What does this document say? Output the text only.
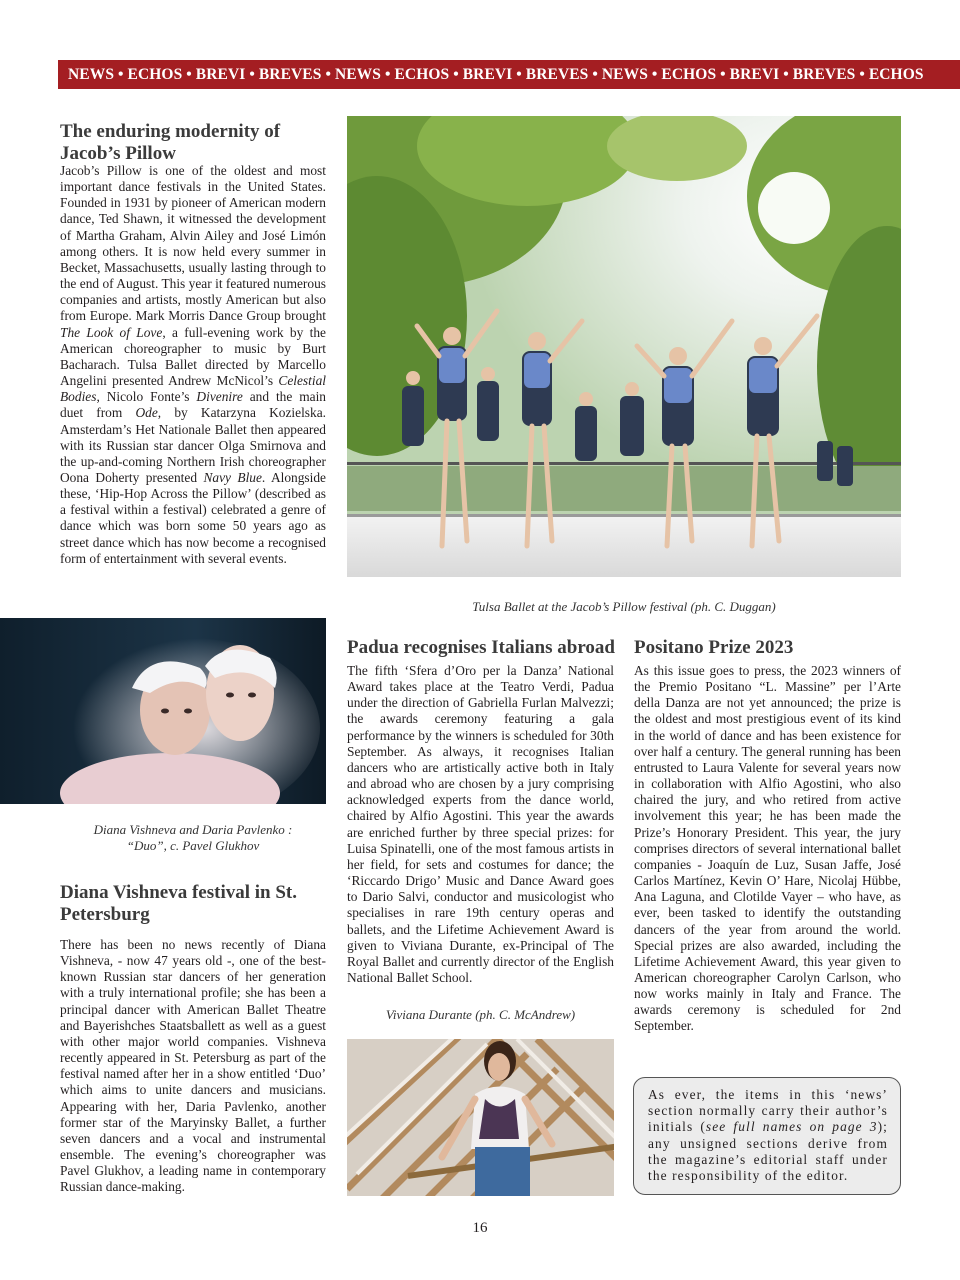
NEWS • ECHOS • BREVI • BREVES • NEWS • ECHOS • BREVI • BREVES • NEWS • ECHOS • BREVI • BREVES • ECHOS
The enduring modernity of
Jacob’s Pillow

Jacob’s Pillow is one of the oldest and most important dance festivals in the United States. Founded in 1931 by pioneer of American modern dance, Ted Shawn, it witnessed the development of Martha Graham, Alvin Ailey and José Limón among others. It is now held every summer in Becket, Massachusetts, usually lasting through to the end of August. This year it featured numerous companies and artists, mostly American but also from Europe. Mark Morris Dance Group brought The Look of Love, a full-evening work by the American choreographer to music by Burt Bacharach. Tulsa Ballet directed by Marcello Angelini presented Andrew McNicol’s Celestial Bodies, Nicolo Fonte’s Divenire and the main duet from Ode, by Katarzyna Kozielska. Amsterdam’s Het Nationale Ballet then appeared with its Russian star dancer Olga Smirnova and the up-and-coming Northern Irish choreographer Oona Doherty presented Navy Blue. Alongside these, ‘Hip-Hop Across the Pillow’ (described as a festival within a festival) celebrated a genre of dance which was born some 50 years ago as street dance which has now become a recognised form of entertainment with several events.

Tulsa Ballet at the Jacob’s Pillow festival (ph. C. Duggan)
Diana Vishneva and Daria Pavlenko :
“Duo”, c. Pavel Glukhov
Diana Vishneva festival in St.
Petersburg

There has been no news recently of Diana Vishneva, - now 47 years old -, one of the best-known Russian star dancers of her generation with a truly international profile; she has been a principal dancer with American Ballet Theatre and Bayerishches Staatsballett as well as a guest with other major world companies. Vishneva recently appeared in St. Petersburg as part of the festival named after her in a show entitled ‘Duo’ which aims to unite dancers and musicians. Appearing with her, Daria Pavlenko, another former star of the Maryinsky Ballet, a further seven dancers and a vocal and instrumental ensemble. The evening’s choreographer was Pavel Glukhov, a leading name in contemporary Russian dance-making.

Padua recognises Italians abroad

The fifth ‘Sfera d’Oro per la Danza’ National Award takes place at the Teatro Verdi, Padua under the direction of Gabriella Furlan Malvezzi; the awards ceremony featuring a gala performance by the winners is scheduled for 30th September. As always, it recognises Italian dancers who are artistically active both in Italy and abroad who are chosen by a jury comprising acknowledged experts from the dance world, chaired by Alfio Agostini. This year the awards are enriched further by three special prizes: for Luisa Spinatelli, one of the most famous artists in her field, for sets and costumes for dance; the ‘Riccardo Drigo’ Music and Dance Award goes to Dario Salvi, conductor and musicologist who specialises in rare 19th century operas and ballets, and the Lifetime Achievement Award is given to Viviana Durante, ex-Principal of The Royal Ballet and currently director of the English National Ballet School.

Viviana Durante (ph. C. McAndrew)
Positano Prize 2023

As this issue goes to press, the 2023 winners of the Premio Positano “L. Massine” per l’Arte della Danza are not yet announced; the prize is the oldest and most prestigious event of its kind in the world of dance and has been existence for over half a century. The general running has been entrusted to Laura Valente for several years now in collaboration with Alfio Agostini, who also chaired the jury, and who retired from active involvement this year; he has been made the Prize’s Honorary President. This year, the jury comprises directors of several international ballet companies - Joaquín de Luz, Susan Jaffe, José Carlos Martínez, Kevin O’ Hare, Nicolaj Hübbe, Ana Laguna, and Clotilde Vayer – who have, as ever, been tasked to identify the outstanding dancers of the year from around the world. Special prizes are also awarded, including the Lifetime Achievement Award, this year given to American choreographer Carolyn Carlson, who now works mainly in Italy and France. The awards ceremony is scheduled for 2nd September.

As ever, the items in this ‘news’ section normally carry their author’s initials (see full names on page 3); any unsigned sections derive from the magazine’s editorial staff under the responsibility of the editor.
16
